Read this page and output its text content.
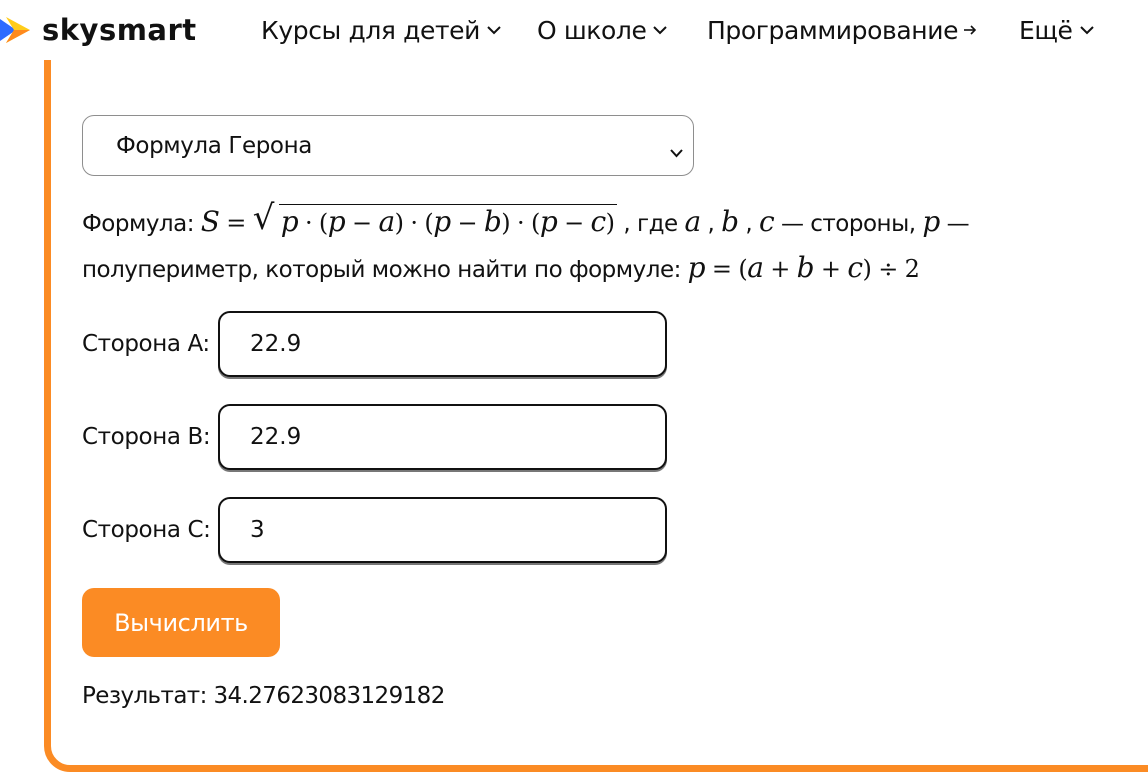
skysmart	Курсы для детей О школе Программирование Ещё
Формула Герона
Формула: S = √ p · (p − a) · (p − b) · (p − c) , где a , b , c — стороны, p —
полупериметр, который можно найти по формуле: p = (a + b + c) ÷ 2
Сторона A:
22.9
Сторона B:
22.9
Сторона C:
3
Вычислить
Результат: 34.27623083129182
